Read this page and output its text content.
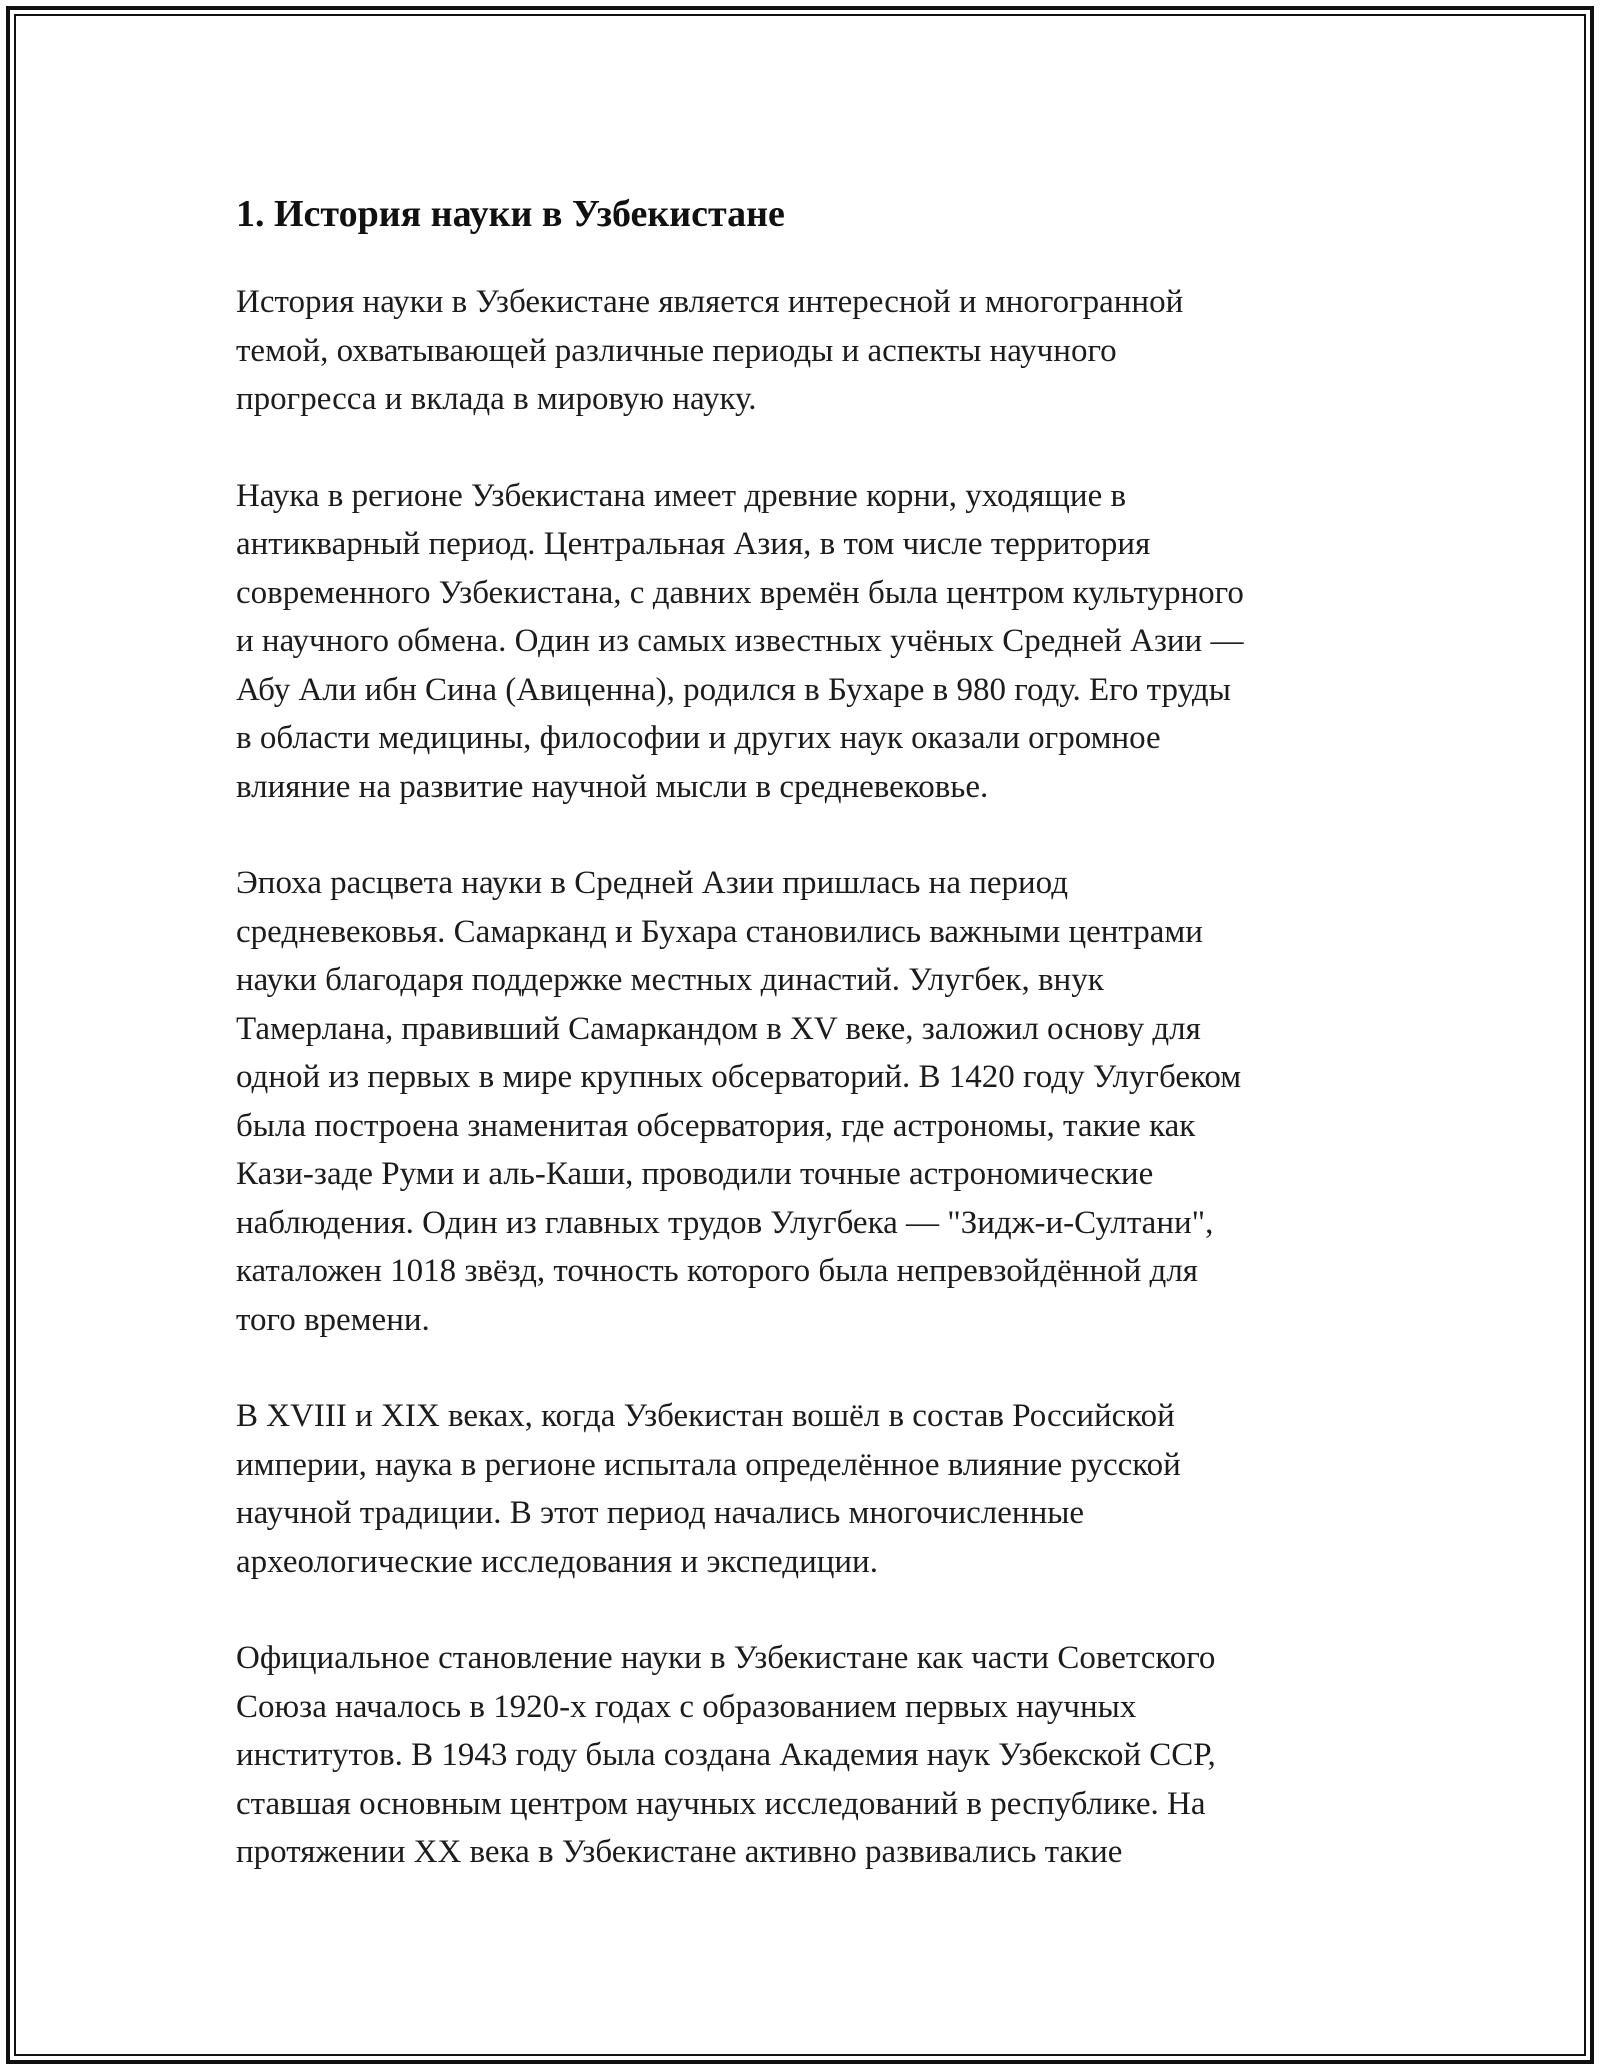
1. История науки в Узбекистане

История науки в Узбекистане является интересной и многогранной
темой, охватывающей различные периоды и аспекты научного
прогресса и вклада в мировую науку.

Наука в регионе Узбекистана имеет древние корни, уходящие в
антикварный период. Центральная Азия, в том числе территория
современного Узбекистана, с давних времён была центром культурного
и научного обмена. Один из самых известных учёных Средней Азии —
Абу Али ибн Сина (Авиценна), родился в Бухаре в 980 году. Его труды
в области медицины, философии и других наук оказали огромное
влияние на развитие научной мысли в средневековье.

Эпоха расцвета науки в Средней Азии пришлась на период
средневековья. Самарканд и Бухара становились важными центрами
науки благодаря поддержке местных династий. Улугбек, внук
Тамерлана, правивший Самаркандом в XV веке, заложил основу для
одной из первых в мире крупных обсерваторий. В 1420 году Улугбеком
была построена знаменитая обсерватория, где астрономы, такие как
Кази-заде Руми и аль-Каши, проводили точные астрономические
наблюдения. Один из главных трудов Улугбека — "Зидж-и-Султани",
каталожен 1018 звёзд, точность которого была непревзойдённой для
того времени.

В XVIII и XIX веках, когда Узбекистан вошёл в состав Российской
империи, наука в регионе испытала определённое влияние русской
научной традиции. В этот период начались многочисленные
археологические исследования и экспедиции.

Официальное становление науки в Узбекистане как части Советского
Союза началось в 1920-х годах с образованием первых научных
институтов. В 1943 году была создана Академия наук Узбекской ССР,
ставшая основным центром научных исследований в республике. На
протяжении XX века в Узбекистане активно развивались такие
